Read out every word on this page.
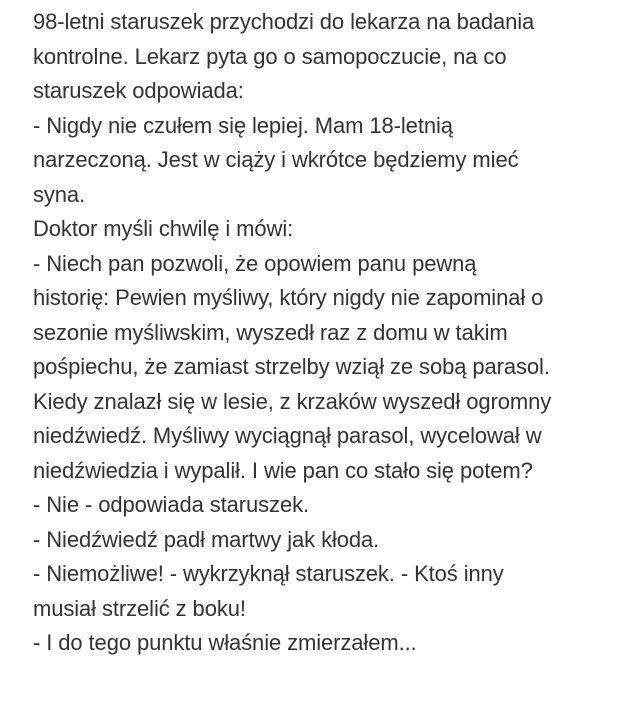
98-letni staruszek przychodzi do lekarza na badania
kontrolne. Lekarz pyta go o samopoczucie, na co
staruszek odpowiada:
- Nigdy nie czułem się lepiej. Mam 18-letnią
narzeczoną. Jest w ciąży i wkrótce będziemy mieć
syna.
Doktor myśli chwilę i mówi:
- Niech pan pozwoli, że opowiem panu pewną
historię: Pewien myśliwy, który nigdy nie zapominał o
sezonie myśliwskim, wyszedł raz z domu w takim
pośpiechu, że zamiast strzelby wziął ze sobą parasol.
Kiedy znalazł się w lesie, z krzaków wyszedł ogromny
niedźwiedź. Myśliwy wyciągnął parasol, wycelował w
niedźwiedzia i wypalił. I wie pan co stało się potem?
- Nie - odpowiada staruszek.
- Niedźwiedź padł martwy jak kłoda.
- Niemożliwe! - wykrzyknął staruszek. - Ktoś inny
musiał strzelić z boku!
- I do tego punktu właśnie zmierzałem...
